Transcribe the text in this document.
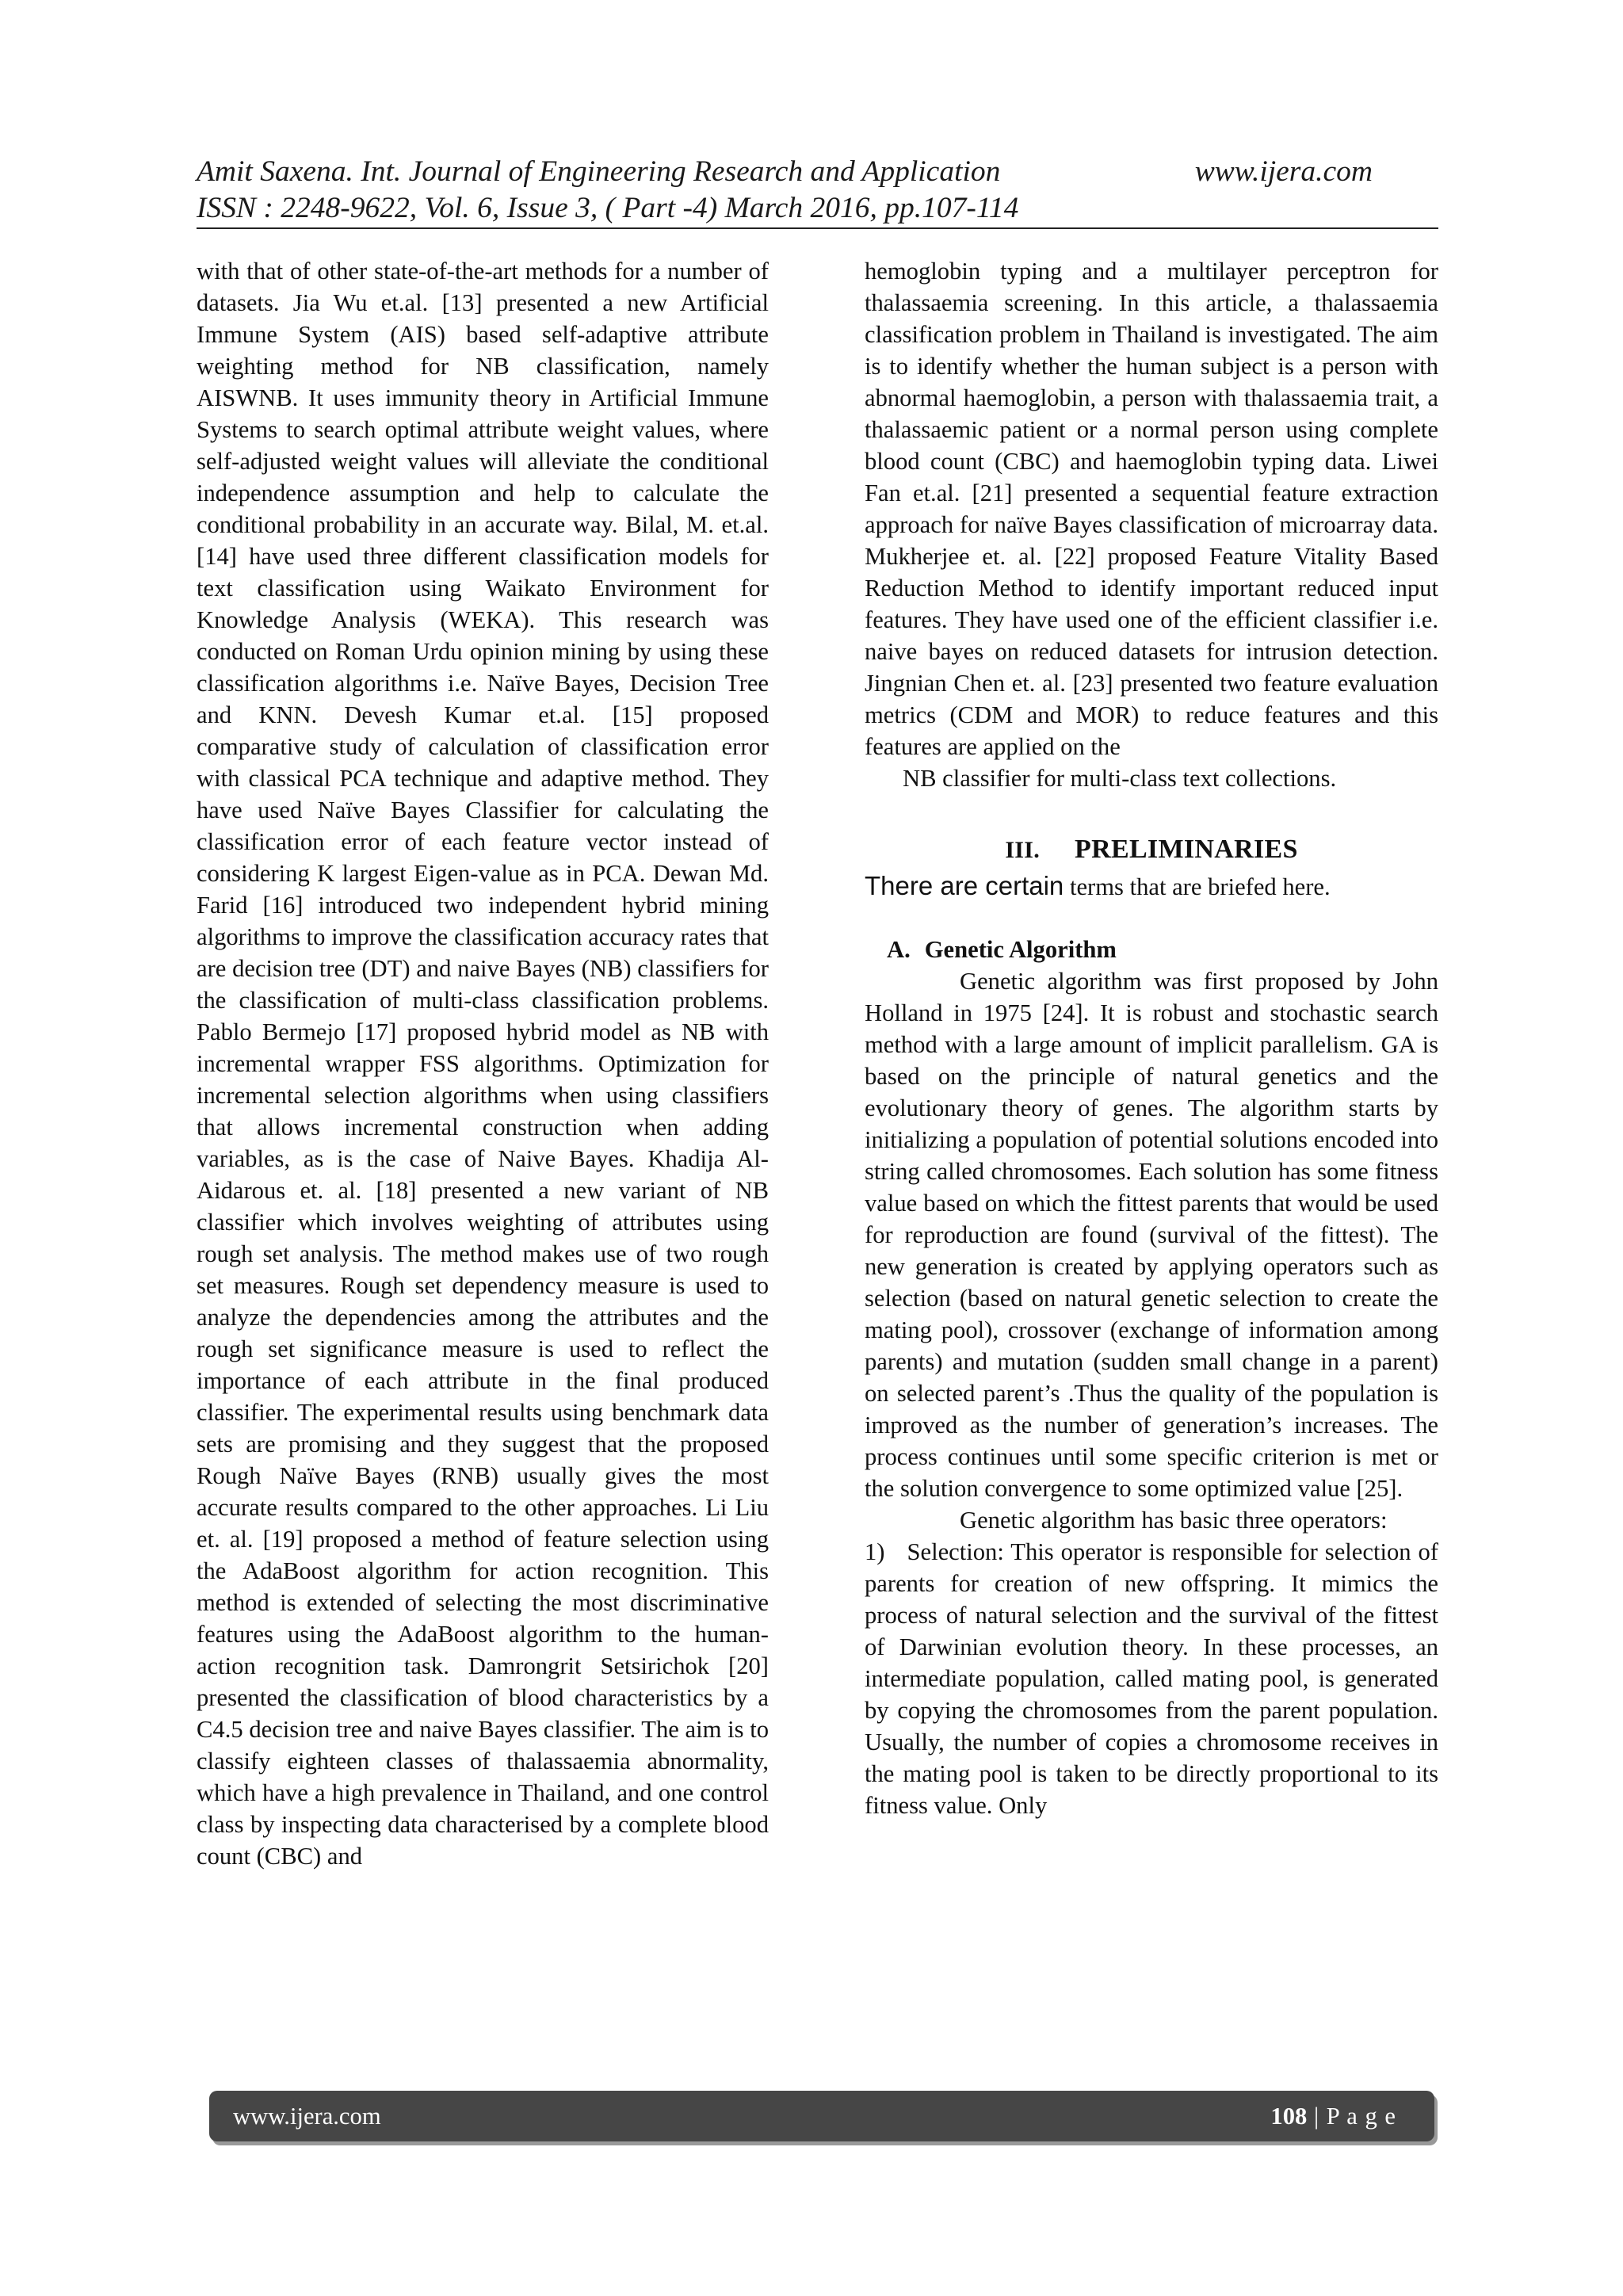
Amit Saxena. Int. Journal of Engineering Research and Application	www.ijera.com
ISSN : 2248-9622, Vol. 6, Issue 3, ( Part -4) March 2016, pp.107-114

with that of other state-of-the-art methods for a number of datasets. Jia Wu et.al. [13] presented a new Artificial Immune System (AIS) based self-adaptive attribute weighting method for NB classification, namely AISWNB. It uses immunity theory in Artificial Immune Systems to search optimal attribute weight values, where self-adjusted weight values will alleviate the conditional independence assumption and help to calculate the conditional probability in an accurate way. Bilal, M. et.al. [14] have used three different classification models for text classification using Waikato Environment for Knowledge Analysis (WEKA). This research was conducted on Roman Urdu opinion mining by using these classification algorithms i.e. Naïve Bayes, Decision Tree and KNN. Devesh Kumar et.al. [15] proposed comparative study of calculation of classification error with classical PCA technique and adaptive method. They have used Naïve Bayes Classifier for calculating the classification error of each feature vector instead of considering K largest Eigen-value as in PCA. Dewan Md. Farid [16] introduced two independent hybrid mining algorithms to improve the classification accuracy rates that are decision tree (DT) and naive Bayes (NB) classifiers for the classification of multi-class classification problems. Pablo Bermejo [17] proposed hybrid model as NB with incremental wrapper FSS algorithms. Optimization for incremental selection algorithms when using classifiers that allows incremental construction when adding variables, as is the case of Naive Bayes. Khadija Al-Aidarous et. al. [18] presented a new variant of NB classifier which involves weighting of attributes using rough set analysis. The method makes use of two rough set measures. Rough set dependency measure is used to analyze the dependencies among the attributes and the rough set significance measure is used to reflect the importance of each attribute in the final produced classifier. The experimental results using benchmark data sets are promising and they suggest that the proposed Rough Naïve Bayes (RNB) usually gives the most accurate results compared to the other approaches. Li Liu et. al. [19] proposed a method of feature selection using the AdaBoost algorithm for action recognition. This method is extended of selecting the most discriminative features using the AdaBoost algorithm to the human-action recognition task. Damrongrit Setsirichok [20] presented the classification of blood characteristics by a C4.5 decision tree and naive Bayes classifier. The aim is to classify eighteen classes of thalassaemia abnormality, which have a high prevalence in Thailand, and one control class by inspecting data characterised by a complete blood count (CBC) and

hemoglobin typing and a multilayer perceptron for thalassaemia screening. In this article, a thalassaemia classification problem in Thailand is investigated. The aim is to identify whether the human subject is a person with abnormal haemoglobin, a person with thalassaemia trait, a thalassaemic patient or a normal person using complete blood count (CBC) and haemoglobin typing data. Liwei Fan et.al. [21] presented a sequential feature extraction approach for naïve Bayes classification of microarray data. Mukherjee et. al. [22] proposed Feature Vitality Based Reduction Method to identify important reduced input features. They have used one of the efficient classifier i.e. naive bayes on reduced datasets for intrusion detection. Jingnian Chen et. al. [23] presented two feature evaluation metrics (CDM and MOR) to reduce features and this features are applied on the

NB classifier for multi-class text collections.

III. PRELIMINARIES

There are certain terms that are briefed here.

A. Genetic Algorithm

Genetic algorithm was first proposed by John Holland in 1975 [24]. It is robust and stochastic search method with a large amount of implicit parallelism. GA is based on the principle of natural genetics and the evolutionary theory of genes. The algorithm starts by initializing a population of potential solutions encoded into string called chromosomes. Each solution has some fitness value based on which the fittest parents that would be used for reproduction are found (survival of the fittest). The new generation is created by applying operators such as selection (based on natural genetic selection to create the mating pool), crossover (exchange of information among parents) and mutation (sudden small change in a parent) on selected parent’s .Thus the quality of the population is improved as the number of generation’s increases. The process continues until some specific criterion is met or the solution convergence to some optimized value [25].

Genetic algorithm has basic three operators:

1) Selection: This operator is responsible for selection of parents for creation of new offspring. It mimics the process of natural selection and the survival of the fittest of Darwinian evolution theory. In these processes, an intermediate population, called mating pool, is generated by copying the chromosomes from the parent population. Usually, the number of copies a chromosome receives in the mating pool is taken to be directly proportional to its fitness value. Only

www.ijera.com	108 | P a g e
